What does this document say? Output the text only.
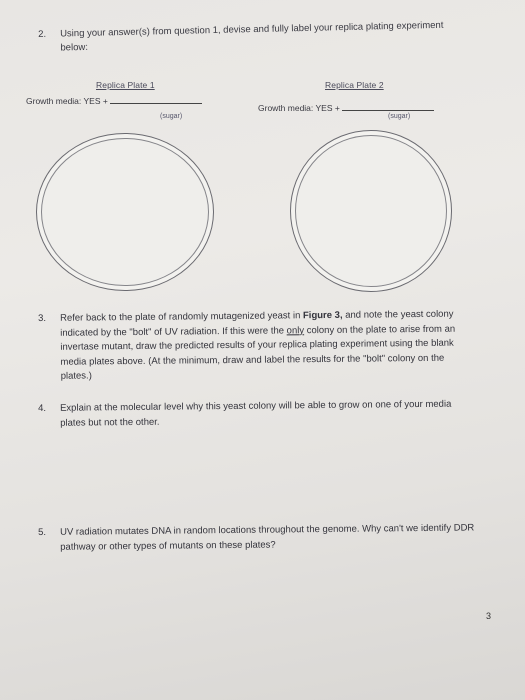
2. Using your answer(s) from question 1, devise and fully label your replica plating experiment below:
Replica Plate 1
Growth media: YES +
(sugar)
Replica Plate 2
Growth media: YES +
(sugar)
3. Refer back to the plate of randomly mutagenized yeast in Figure 3, and note the yeast colony indicated by the "bolt" of UV radiation. If this were the only colony on the plate to arise from an invertase mutant, draw the predicted results of your replica plating experiment using the blank media plates above. (At the minimum, draw and label the results for the "bolt" colony on the plates.)
4. Explain at the molecular level why this yeast colony will be able to grow on one of your media plates but not the other.
5. UV radiation mutates DNA in random locations throughout the genome. Why can't we identify DDR pathway or other types of mutants on these plates?
3
